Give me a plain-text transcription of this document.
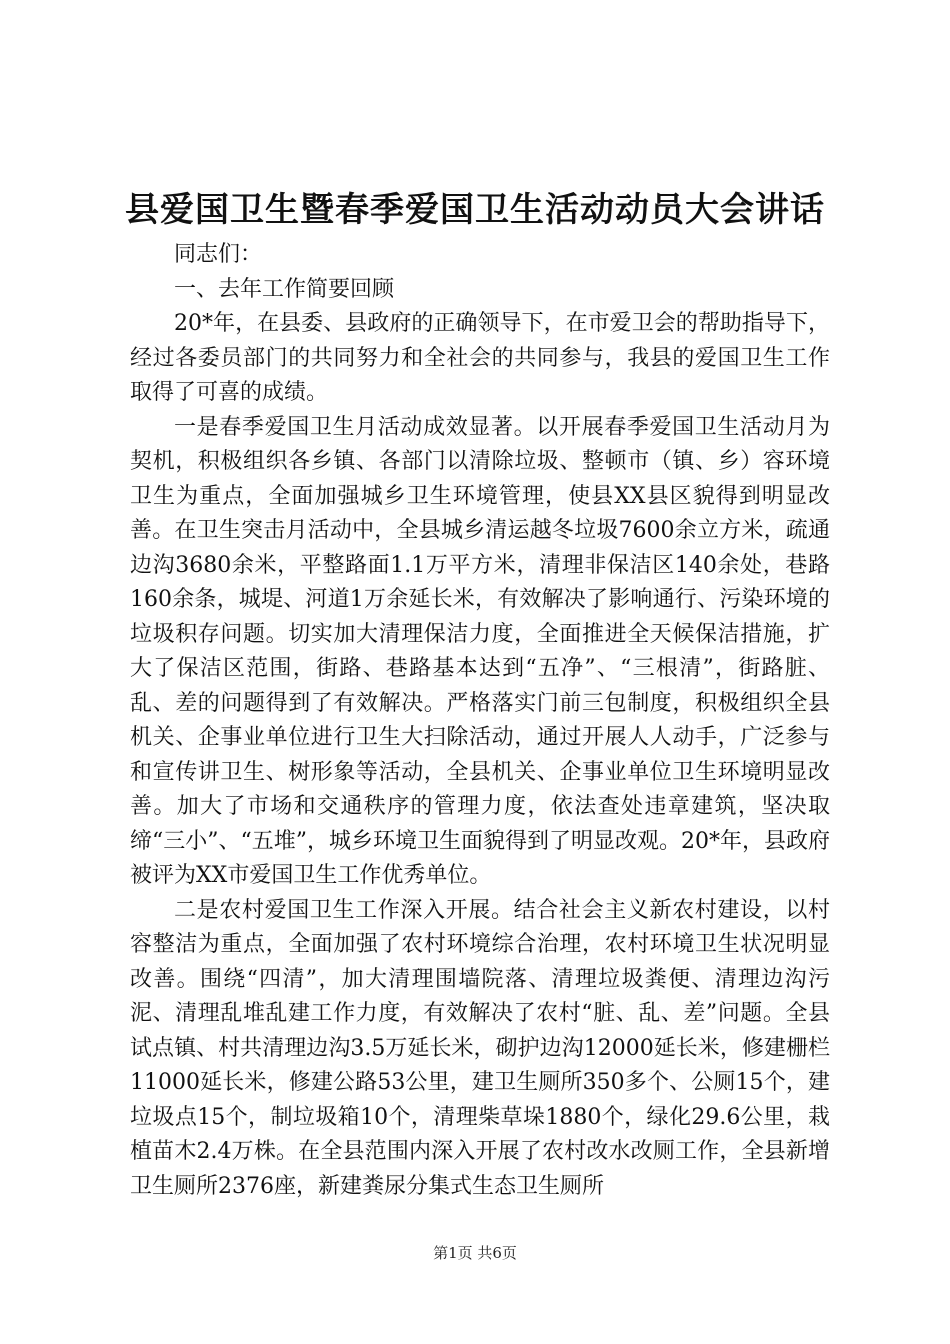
县爱国卫生暨春季爱国卫生活动动员大会讲话

同志们：

一、去年工作简要回顾

20*年，在县委、县政府的正确领导下，在市爱卫会的帮助指导下，经过各委员部门的共同努力和全社会的共同参与，我县的爱国卫生工作取得了可喜的成绩。

一是春季爱国卫生月活动成效显著。以开展春季爱国卫生活动月为契机，积极组织各乡镇、各部门以清除垃圾、整顿市（镇、乡）容环境卫生为重点，全面加强城乡卫生环境管理，使县XX县区貌得到明显改善。在卫生突击月活动中，全县城乡清运越冬垃圾7600余立方米，疏通边沟3680余米，平整路面1.1万平方米，清理非保洁区140余处，巷路160余条，城堤、河道1万余延长米，有效解决了影响通行、污染环境的垃圾积存问题。切实加大清理保洁力度，全面推进全天候保洁措施，扩大了保洁区范围，街路、巷路基本达到“五净”、“三根清”，街路脏、乱、差的问题得到了有效解决。严格落实门前三包制度，积极组织全县机关、企事业单位进行卫生大扫除活动，通过开展人人动手，广泛参与和宣传讲卫生、树形象等活动，全县机关、企事业单位卫生环境明显改善。加大了市场和交通秩序的管理力度，依法查处违章建筑，坚决取缔“三小”、“五堆”，城乡环境卫生面貌得到了明显改观。20*年，县政府被评为XX市爱国卫生工作优秀单位。

二是农村爱国卫生工作深入开展。结合社会主义新农村建设，以村容整洁为重点，全面加强了农村环境综合治理，农村环境卫生状况明显改善。围绕“四清”，加大清理围墙院落、清理垃圾粪便、清理边沟污泥、清理乱堆乱建工作力度，有效解决了农村“脏、乱、差”问题。全县试点镇、村共清理边沟3.5万延长米，砌护边沟12000延长米，修建栅栏11000延长米，修建公路53公里，建卫生厕所350多个、公厕15个，建垃圾点15个，制垃圾箱10个，清理柴草垛1880个，绿化29.6公里，栽植苗木2.4万株。在全县范围内深入开展了农村改水改厕工作，全县新增卫生厕所2376座，新建粪尿分集式生态卫生厕所

第1页 共6页
